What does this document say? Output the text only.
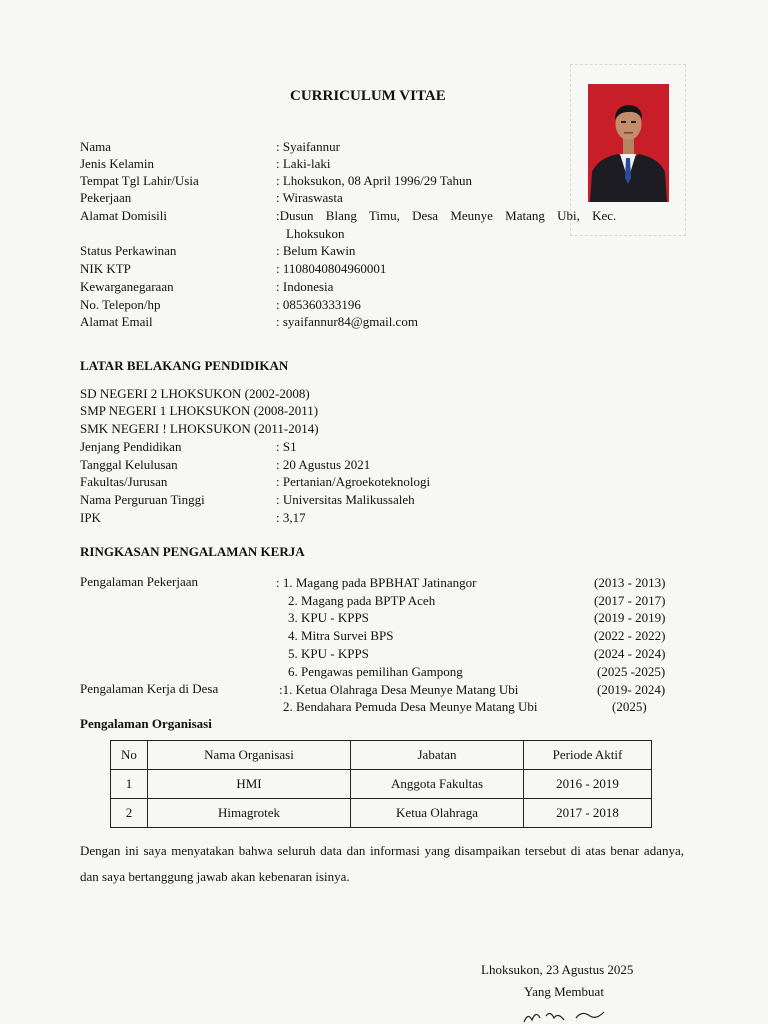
CURRICULUM VITAE
Nama	: Syaifannur
Jenis Kelamin	: Laki-laki
Tempat Tgl Lahir/Usia	: Lhoksukon, 08 April 1996/29 Tahun
Pekerjaan	: Wiraswasta
Alamat Domisili	:Dusun Blang Timu, Desa Meunye Matang Ubi, Kec.
Lhoksukon
Status Perkawinan	: Belum Kawin
NIK KTP	: 1108040804960001
Kewarganegaraan	: Indonesia
No. Telepon/hp	: 085360333196
Alamat Email	: syaifannur84@gmail.com
LATAR BELAKANG PENDIDIKAN
SD NEGERI 2 LHOKSUKON (2002-2008)
SMP NEGERI 1 LHOKSUKON (2008-2011)
SMK NEGERI ! LHOKSUKON (2011-2014)
Jenjang Pendidikan	: S1
Tanggal Kelulusan	: 20 Agustus 2021
Fakultas/Jurusan	: Pertanian/Agroekoteknologi
Nama Perguruan Tinggi	: Universitas Malikussaleh
IPK	: 3,17
RINGKASAN PENGALAMAN KERJA
Pengalaman Pekerjaan	: 1. Magang pada BPBHAT Jatinangor	(2013 - 2013)
2. Magang pada BPTP Aceh	(2017 - 2017)
3. KPU - KPPS	(2019 - 2019)
4. Mitra Survei BPS	(2022 - 2022)
5. KPU - KPPS	(2024 - 2024)
6. Pengawas pemilihan Gampong	(2025 -2025)
Pengalaman Kerja di Desa	:1. Ketua Olahraga Desa Meunye Matang Ubi	(2019- 2024)
2. Bendahara Pemuda Desa Meunye Matang Ubi	(2025)
Pengalaman Organisasi
No	Nama Organisasi	Jabatan	Periode Aktif
1	HMI	Anggota Fakultas	2016 - 2019
2	Himagrotek	Ketua Olahraga	2017 - 2018
Dengan ini saya menyatakan bahwa seluruh data dan informasi yang disampaikan tersebut di atas benar adanya, dan saya bertanggung jawab akan kebenaran isinya.
Lhoksukon, 23 Agustus 2025
Yang Membuat
